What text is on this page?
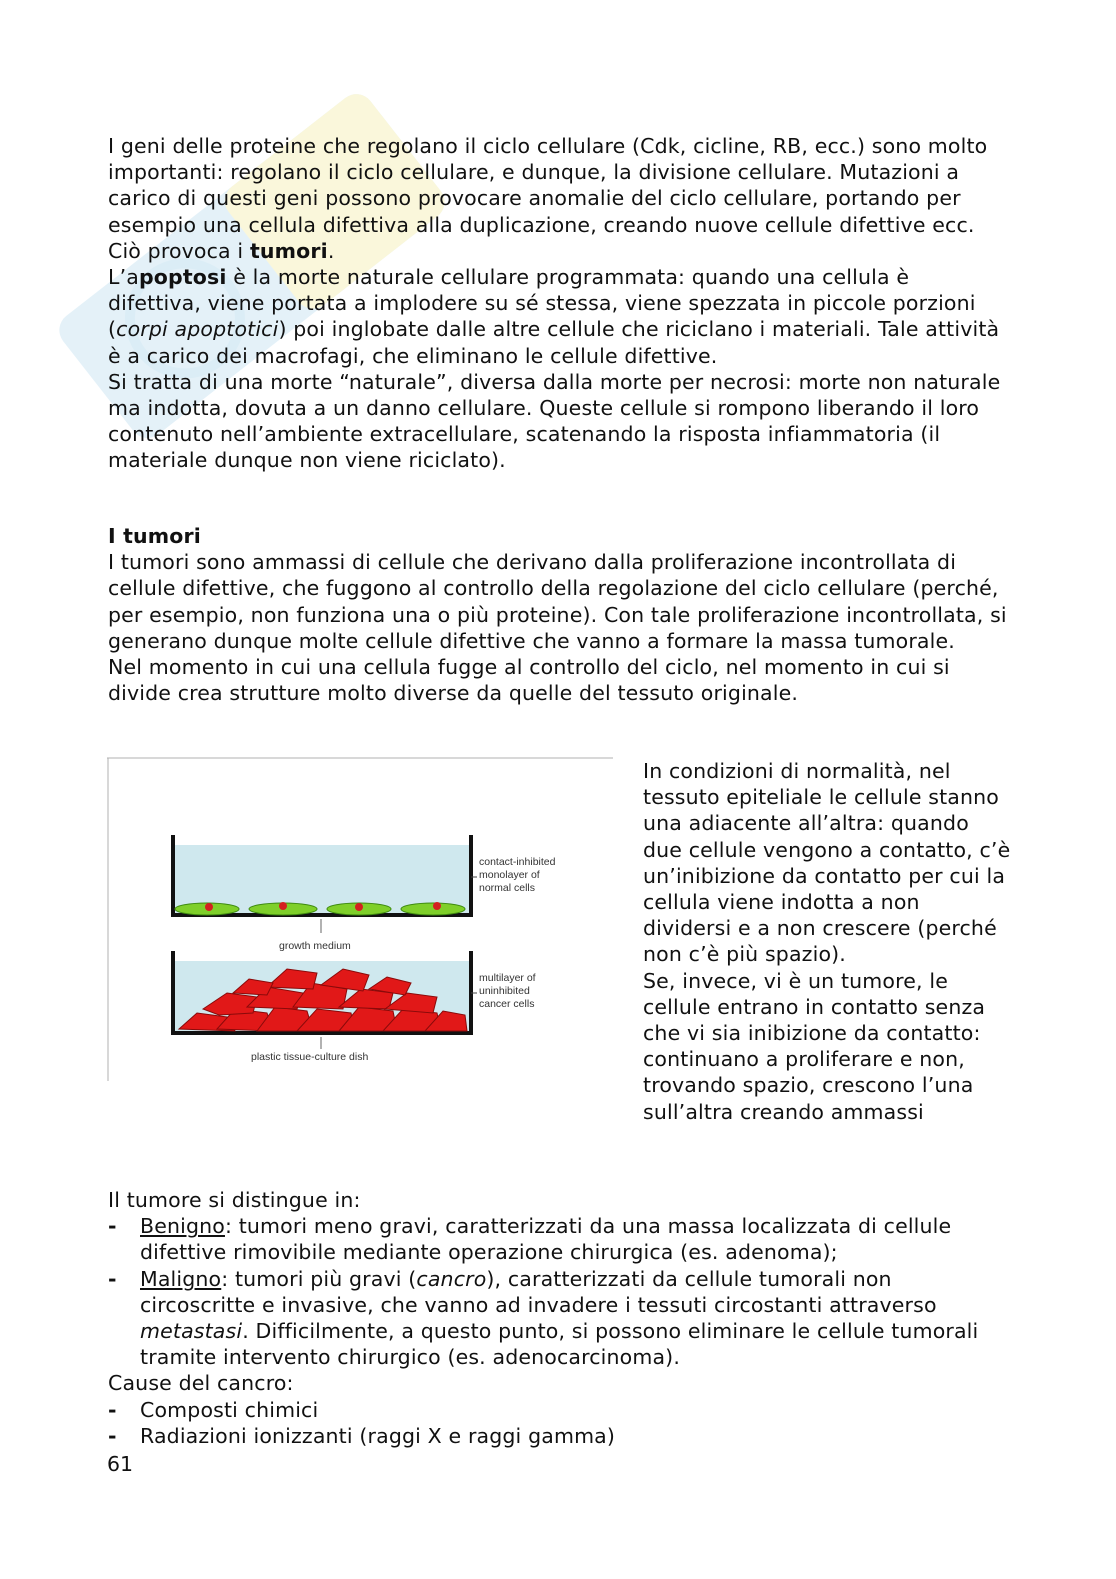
I geni delle proteine che regolano il ciclo cellulare (Cdk, cicline, RB, ecc.) sono molto importanti: regolano il ciclo cellulare, e dunque, la divisione cellulare. Mutazioni a carico di questi geni possono provocare anomalie del ciclo cellulare, portando per esempio una cellula difettiva alla duplicazione, creando nuove cellule difettive ecc. Ciò provoca i tumori.

L’apoptosi è la morte naturale cellulare programmata: quando una cellula è difettiva, viene portata a implodere su sé stessa, viene spezzata in piccole porzioni (corpi apoptotici) poi inglobate dalle altre cellule che riciclano i materiali. Tale attività è a carico dei macrofagi, che eliminano le cellule difettive.

Si tratta di una morte “naturale”, diversa dalla morte per necrosi: morte non naturale ma indotta, dovuta a un danno cellulare. Queste cellule si rompono liberando il loro contenuto nell’ambiente extracellulare, scatenando la risposta infiammatoria (il materiale dunque non viene riciclato).

I tumori

I tumori sono ammassi di cellule che derivano dalla proliferazione incontrollata di cellule difettive, che fuggono al controllo della regolazione del ciclo cellulare (perché, per esempio, non funziona una o più proteine). Con tale proliferazione incontrollata, si generano dunque molte cellule difettive che vanno a formare la massa tumorale.

Nel momento in cui una cellula fugge al controllo del ciclo, nel momento in cui si divide crea strutture molto diverse da quelle del tessuto originale.

contact-inhibited
monolayer of
normal cells
growth medium
multilayer of
uninhibited
cancer cells
plastic tissue-culture dish

In condizioni di normalità, nel tessuto epiteliale le cellule stanno una adiacente all’altra: quando due cellule vengono a contatto, c’è un’inibizione da contatto per cui la cellula viene indotta a non dividersi e a non crescere (perché non c’è più spazio).

Se, invece, vi è un tumore, le cellule entrano in contatto senza che vi sia inibizione da contatto: continuano a proliferare e non, trovando spazio, crescono l’una sull’altra creando ammassi

Il tumore si distingue in:

- Benigno: tumori meno gravi, caratterizzati da una massa localizzata di cellule difettive rimovibile mediante operazione chirurgica (es. adenoma);
- Maligno: tumori più gravi (cancro), caratterizzati da cellule tumorali non circoscritte e invasive, che vanno ad invadere i tessuti circostanti attraverso metastasi. Difficilmente, a questo punto, si possono eliminare le cellule tumorali tramite intervento chirurgico (es. adenocarcinoma).

Cause del cancro:

- Composti chimici
- Radiazioni ionizzanti (raggi X e raggi gamma)
61
